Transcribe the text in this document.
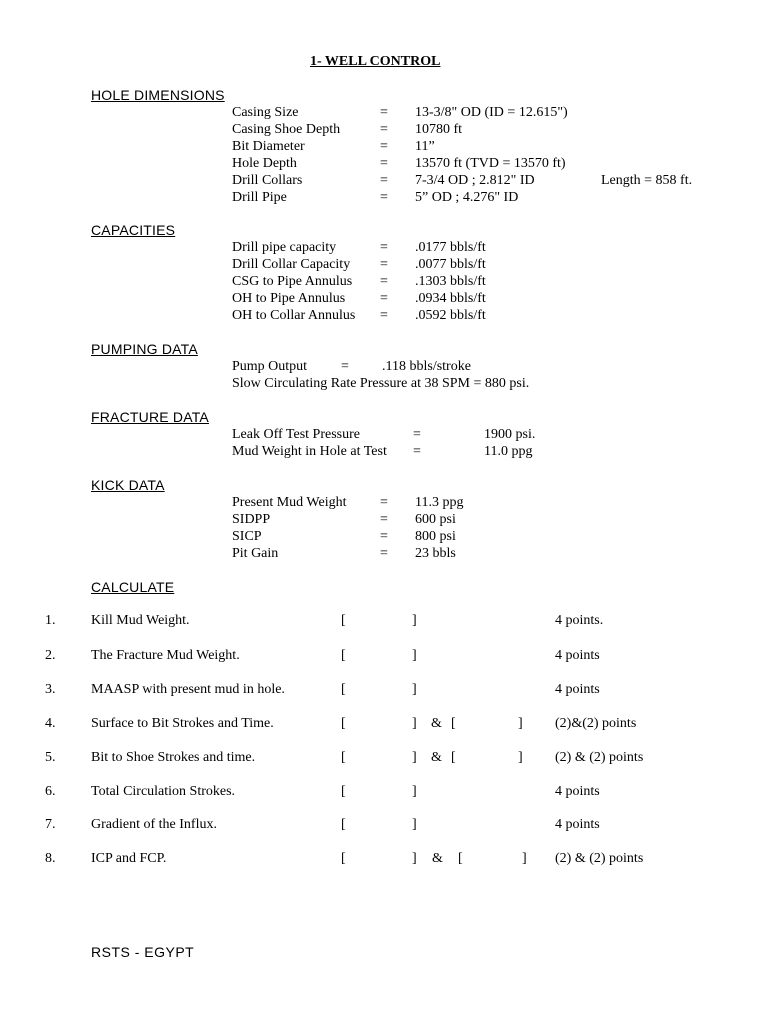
1- WELL CONTROL
HOLE DIMENSIONS
Casing Size	= 13-3/8" OD (ID = 12.615")
Casing Shoe Depth	= 10780 ft
Bit Diameter	= 11”
Hole Depth	= 13570 ft (TVD = 13570 ft)
Drill Collars	= 7-3/4 OD ; 2.812" ID	Length = 858 ft.
Drill Pipe	= 5” OD ; 4.276" ID
CAPACITIES
Drill pipe capacity	= .0177 bbls/ft
Drill Collar Capacity = .0077 bbls/ft
CSG to Pipe Annulus = .1303 bbls/ft
OH to Pipe Annulus = .0934 bbls/ft
OH to Collar Annulus = .0592 bbls/ft
PUMPING DATA
Pump Output = .118 bbls/stroke
Slow Circulating Rate Pressure at 38 SPM = 880 psi.
FRACTURE DATA
Leak Off Test Pressure	=	1900 psi.
Mud Weight in Hole at Test =	11.0 ppg
KICK DATA
Present Mud Weight = 11.3 ppg
SIDPP	= 600 psi
SICP	= 800 psi
Pit Gain	= 23 bbls
CALCULATE
1.	Kill Mud Weight.	[	]	4 points.
2.	The Fracture Mud Weight.	[	]	4 points
3.	MAASP with present mud in hole.	[	]	4 points
4.	Surface to Bit Strokes and Time.	[	] & [	] (2)&(2) points
5.	Bit to Shoe Strokes and time.	[	] & [	] (2) & (2) points
6.	Total Circulation Strokes.	[	]	4 points
7.	Gradient of the Influx.	[	]	4 points
8.	ICP and FCP.	[	] & [	] (2) & (2) points
RSTS - EGYPT
